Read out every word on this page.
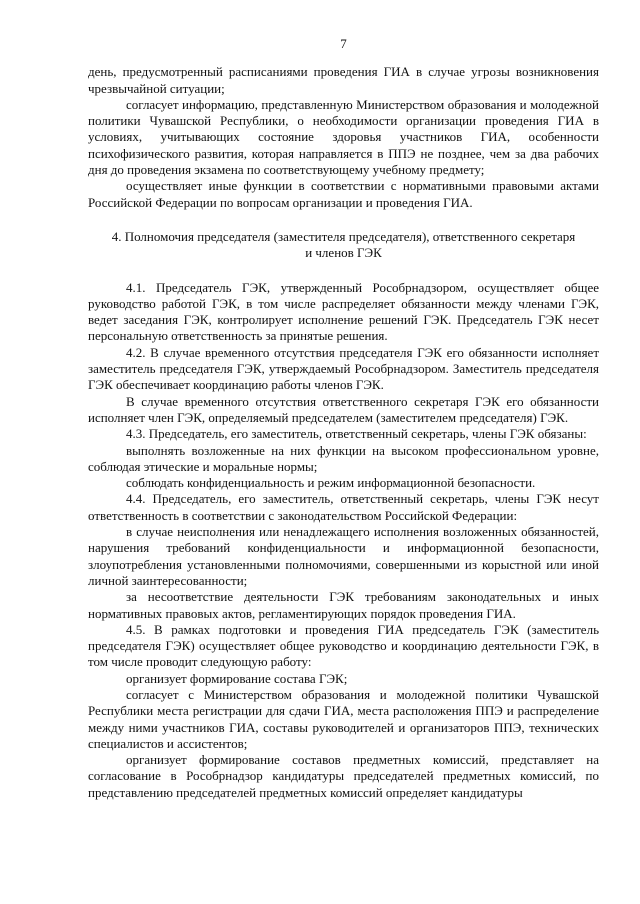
7

день, предусмотренный расписаниями проведения ГИА в случае угрозы возникновения чрезвычайной ситуации;

согласует информацию, представленную Министерством образования и молодежной политики Чувашской Республики, о необходимости организации проведения ГИА в условиях, учитывающих состояние здоровья участников ГИА, особенности психофизического развития, которая направляется в ППЭ не позднее, чем за два рабочих дня до проведения экзамена по соответствующему учебному предмету;

осуществляет иные функции в соответствии с нормативными правовыми актами Российской Федерации по вопросам организации и проведения ГИА.

4. Полномочия председателя (заместителя председателя), ответственного секретаря
и членов ГЭК

4.1. Председатель ГЭК, утвержденный Рособрнадзором, осуществляет общее руководство работой ГЭК, в том числе распределяет обязанности между членами ГЭК, ведет заседания ГЭК, контролирует исполнение решений ГЭК. Председатель ГЭК несет персональную ответственность за принятые решения.

4.2. В случае временного отсутствия председателя ГЭК его обязанности исполняет заместитель председателя ГЭК, утверждаемый Рособрнадзором. Заместитель председателя ГЭК обеспечивает координацию работы членов ГЭК.

В случае временного отсутствия ответственного секретаря ГЭК его обязанности исполняет член ГЭК, определяемый председателем (заместителем председателя) ГЭК.

4.3. Председатель, его заместитель, ответственный секретарь, члены ГЭК обязаны:

выполнять возложенные на них функции на высоком профессиональном уровне, соблюдая этические и моральные нормы;

соблюдать конфиденциальность и режим информационной безопасности.

4.4. Председатель, его заместитель, ответственный секретарь, члены ГЭК несут ответственность в соответствии с законодательством Российской Федерации:

в случае неисполнения или ненадлежащего исполнения возложенных обязанностей, нарушения требований конфиденциальности и информационной безопасности, злоупотребления установленными полномочиями, совершенными из корыстной или иной личной заинтересованности;

за несоответствие деятельности ГЭК требованиям законодательных и иных нормативных правовых актов, регламентирующих порядок проведения ГИА.

4.5. В рамках подготовки и проведения ГИА председатель ГЭК (заместитель председателя ГЭК) осуществляет общее руководство и координацию деятельности ГЭК, в том числе проводит следующую работу:

организует формирование состава ГЭК;

согласует с Министерством образования и молодежной политики Чувашской Республики места регистрации для сдачи ГИА, места расположения ППЭ и распределение между ними участников ГИА, составы руководителей и организаторов ППЭ, технических специалистов и ассистентов;

организует формирование составов предметных комиссий, представляет на согласование в Рособрнадзор кандидатуры председателей предметных комиссий, по представлению председателей предметных комиссий определяет кандидатуры
